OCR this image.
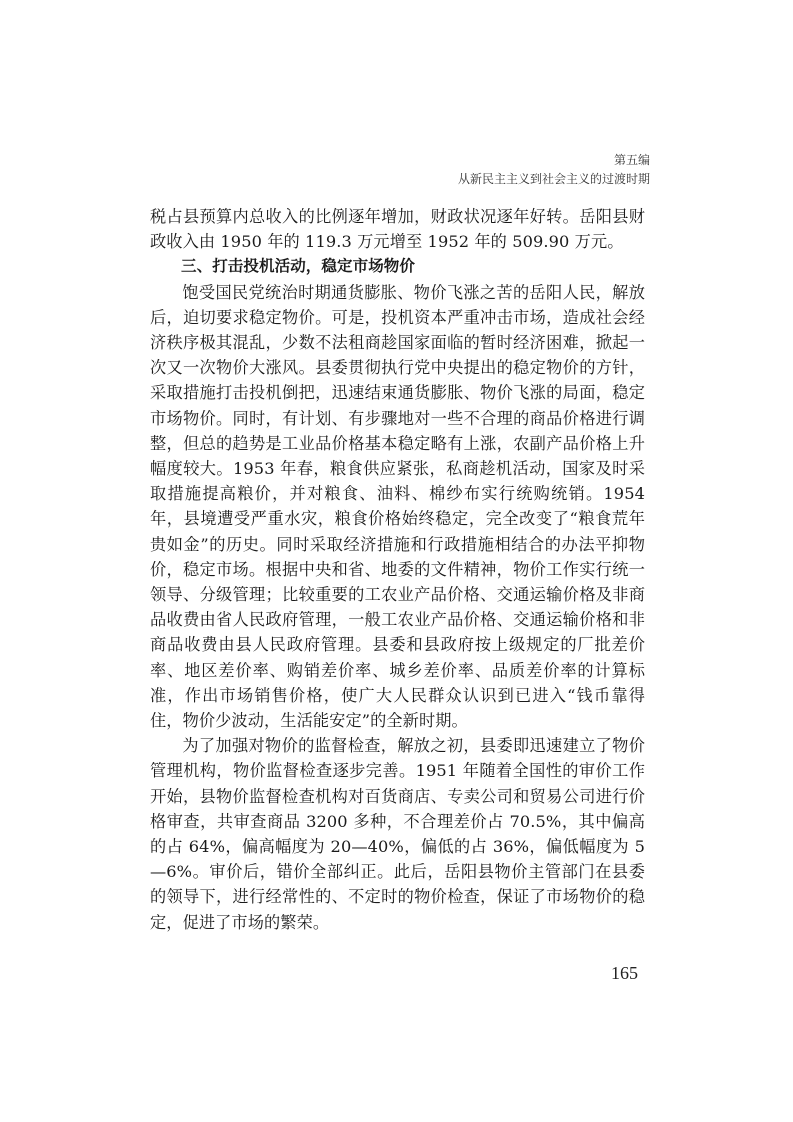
第五编
从新民主主义到社会主义的过渡时期

税占县预算内总收入的比例逐年增加，财政状况逐年好转。岳阳县财政收入由 1950 年的 119.3 万元增至 1952 年的 509.90 万元。

三、打击投机活动，稳定市场物价

饱受国民党统治时期通货膨胀、物价飞涨之苦的岳阳人民，解放后，迫切要求稳定物价。可是，投机资本严重冲击市场，造成社会经济秩序极其混乱，少数不法租商趁国家面临的暂时经济困难，掀起一次又一次物价大涨风。县委贯彻执行党中央提出的稳定物价的方针，采取措施打击投机倒把，迅速结束通货膨胀、物价飞涨的局面，稳定市场物价。同时，有计划、有步骤地对一些不合理的商品价格进行调整，但总的趋势是工业品价格基本稳定略有上涨，农副产品价格上升幅度较大。1953 年春，粮食供应紧张，私商趁机活动，国家及时采取措施提高粮价，并对粮食、油料、棉纱布实行统购统销。1954 年，县境遭受严重水灾，粮食价格始终稳定，完全改变了“粮食荒年贵如金”的历史。同时采取经济措施和行政措施相结合的办法平抑物价，稳定市场。根据中央和省、地委的文件精神，物价工作实行统一领导、分级管理；比较重要的工农业产品价格、交通运输价格及非商品收费由省人民政府管理，一般工农业产品价格、交通运输价格和非商品收费由县人民政府管理。县委和县政府按上级规定的厂批差价率、地区差价率、购销差价率、城乡差价率、品质差价率的计算标准，作出市场销售价格，使广大人民群众认识到已进入“钱币靠得住，物价少波动，生活能安定”的全新时期。

为了加强对物价的监督检查，解放之初，县委即迅速建立了物价管理机构，物价监督检查逐步完善。1951 年随着全国性的审价工作开始，县物价监督检查机构对百货商店、专卖公司和贸易公司进行价格审查，共审查商品 3200 多种，不合理差价占 70.5%，其中偏高的占 64%，偏高幅度为 20—40%，偏低的占 36%，偏低幅度为 5—6%。审价后，错价全部纠正。此后，岳阳县物价主管部门在县委的领导下，进行经常性的、不定时的物价检查，保证了市场物价的稳定，促进了市场的繁荣。

165
